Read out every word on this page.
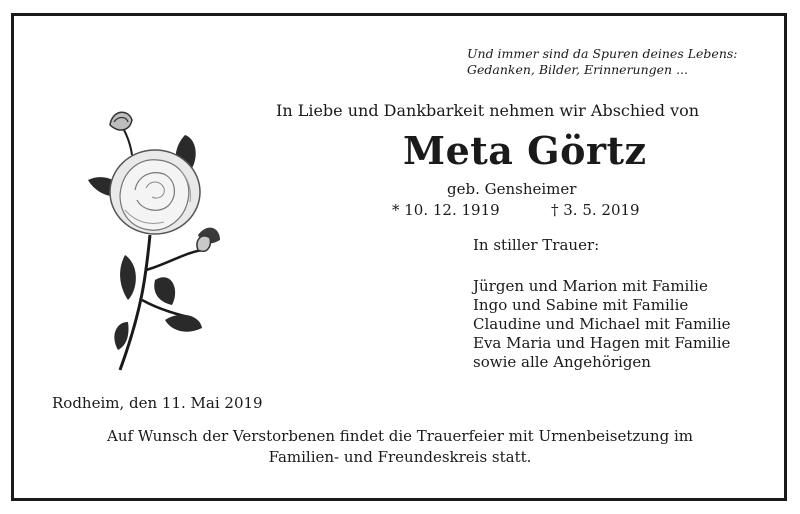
Und immer sind da Spuren deines Lebens:
Gedanken, Bilder, Erinnerungen ...
In Liebe und Dankbarkeit nehmen wir Abschied von
Meta Görtz
geb. Gensheimer
* 10. 12. 1919	† 3. 5. 2019
In stiller Trauer:
Jürgen und Marion mit Familie
Ingo und Sabine mit Familie
Claudine und Michael mit Familie
Eva Maria und Hagen mit Familie
sowie alle Angehörigen
Rodheim, den 11. Mai 2019
Auf Wunsch der Verstorbenen findet die Trauerfeier mit Urnenbeisetzung im
Familien- und Freundeskreis statt.
